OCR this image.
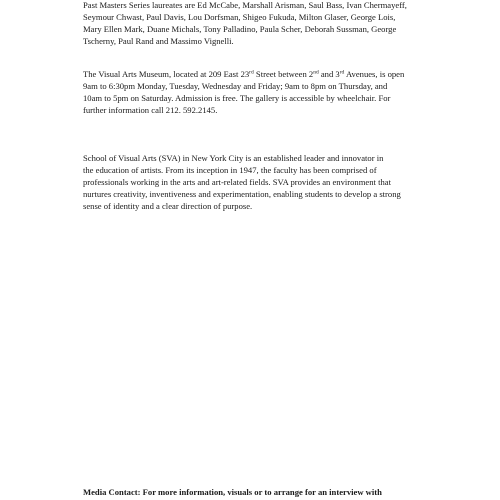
Past Masters Series laureates are Ed McCabe, Marshall Arisman, Saul Bass, Ivan Chermayeff,
Seymour Chwast, Paul Davis, Lou Dorfsman, Shigeo Fukuda, Milton Glaser, George Lois,
Mary Ellen Mark, Duane Michals, Tony Palladino, Paula Scher, Deborah Sussman, George
Tscherny, Paul Rand and Massimo Vignelli.

The Visual Arts Museum, located at 209 East 23rd Street between 2nd and 3rd Avenues, is open
9am to 6:30pm Monday, Tuesday, Wednesday and Friday; 9am to 8pm on Thursday, and
10am to 5pm on Saturday. Admission is free. The gallery is accessible by wheelchair. For
further information call 212. 592.2145.

School of Visual Arts (SVA) in New York City is an established leader and innovator in
the education of artists. From its inception in 1947, the faculty has been comprised of
professionals working in the arts and art-related fields. SVA provides an environment that
nurtures creativity, inventiveness and experimentation, enabling students to develop a strong
sense of identity and a clear direction of purpose.

Media Contact: For more information, visuals or to arrange for an interview with
